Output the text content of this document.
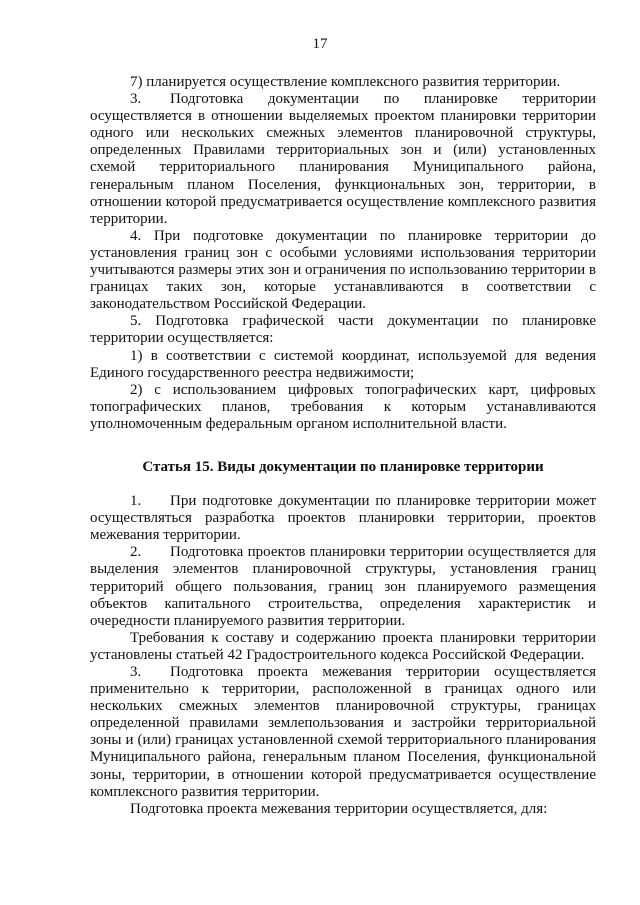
17

7) планируется осуществление комплексного развития территории.

3. Подготовка документации по планировке территории осуществляется в отношении выделяемых проектом планировки территории одного или нескольких смежных элементов планировочной структуры, определенных Правилами территориальных зон и (или) установленных схемой территориального планирования Муниципального района, генеральным планом Поселения, функциональных зон, территории, в отношении которой предусматривается осуществление комплексного развития территории.

4. При подготовке документации по планировке территории до установления границ зон с особыми условиями использования территории учитываются размеры этих зон и ограничения по использованию территории в границах таких зон, которые устанавливаются в соответствии с законодательством Российской Федерации.

5. Подготовка графической части документации по планировке территории осуществляется:

1) в соответствии с системой координат, используемой для ведения Единого государственного реестра недвижимости;

2) с использованием цифровых топографических карт, цифровых топографических планов, требования к которым устанавливаются уполномоченным федеральным органом исполнительной власти.

Статья 15. Виды документации по планировке территории

1. При подготовке документации по планировке территории может осуществляться разработка проектов планировки территории, проектов межевания территории.

2. Подготовка проектов планировки территории осуществляется для выделения элементов планировочной структуры, установления границ территорий общего пользования, границ зон планируемого размещения объектов капитального строительства, определения характеристик и очередности планируемого развития территории.

Требования к составу и содержанию проекта планировки территории установлены статьей 42 Градостроительного кодекса Российской Федерации.

3. Подготовка проекта межевания территории осуществляется применительно к территории, расположенной в границах одного или нескольких смежных элементов планировочной структуры, границах определенной правилами землепользования и застройки территориальной зоны и (или) границах установленной схемой территориального планирования Муниципального района, генеральным планом Поселения, функциональной зоны, территории, в отношении которой предусматривается осуществление комплексного развития территории.

Подготовка проекта межевания территории осуществляется, для:
